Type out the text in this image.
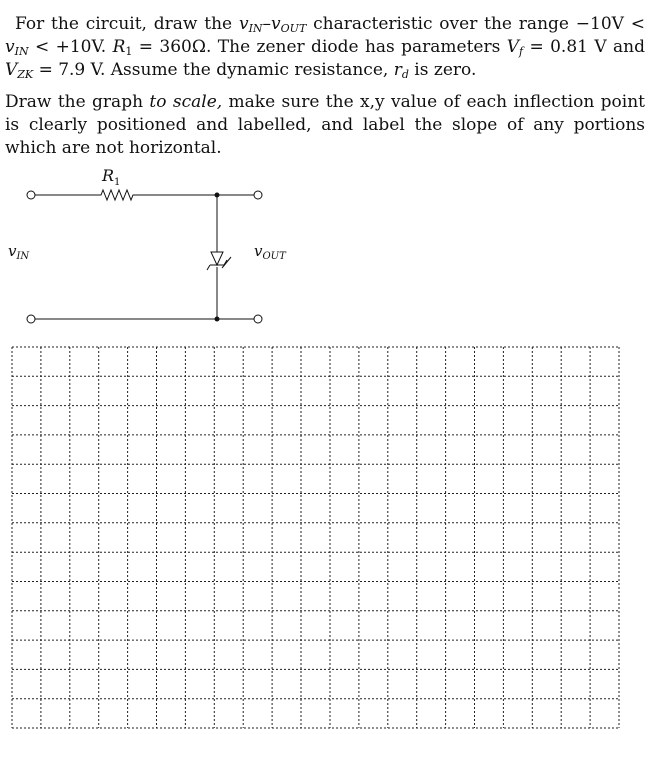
For the circuit, draw the $v_{IN}-v_{OUT}$ characteristic over the range $-10V < v_{IN} < +10V$. $R_1 = 360\Omega$. The zener diode has parameters $V_f = 0.81$ V and $V_{ZK} = 7.9$ V. Assume the dynamic resistance, $r_d$ is zero.

Draw the graph to scale, make sure the x,y value of each inflection point is clearly positioned and labelled, and label the slope of any portions which are not horizontal.

$R_1$
$v_{IN}$	$v_{OUT}$
